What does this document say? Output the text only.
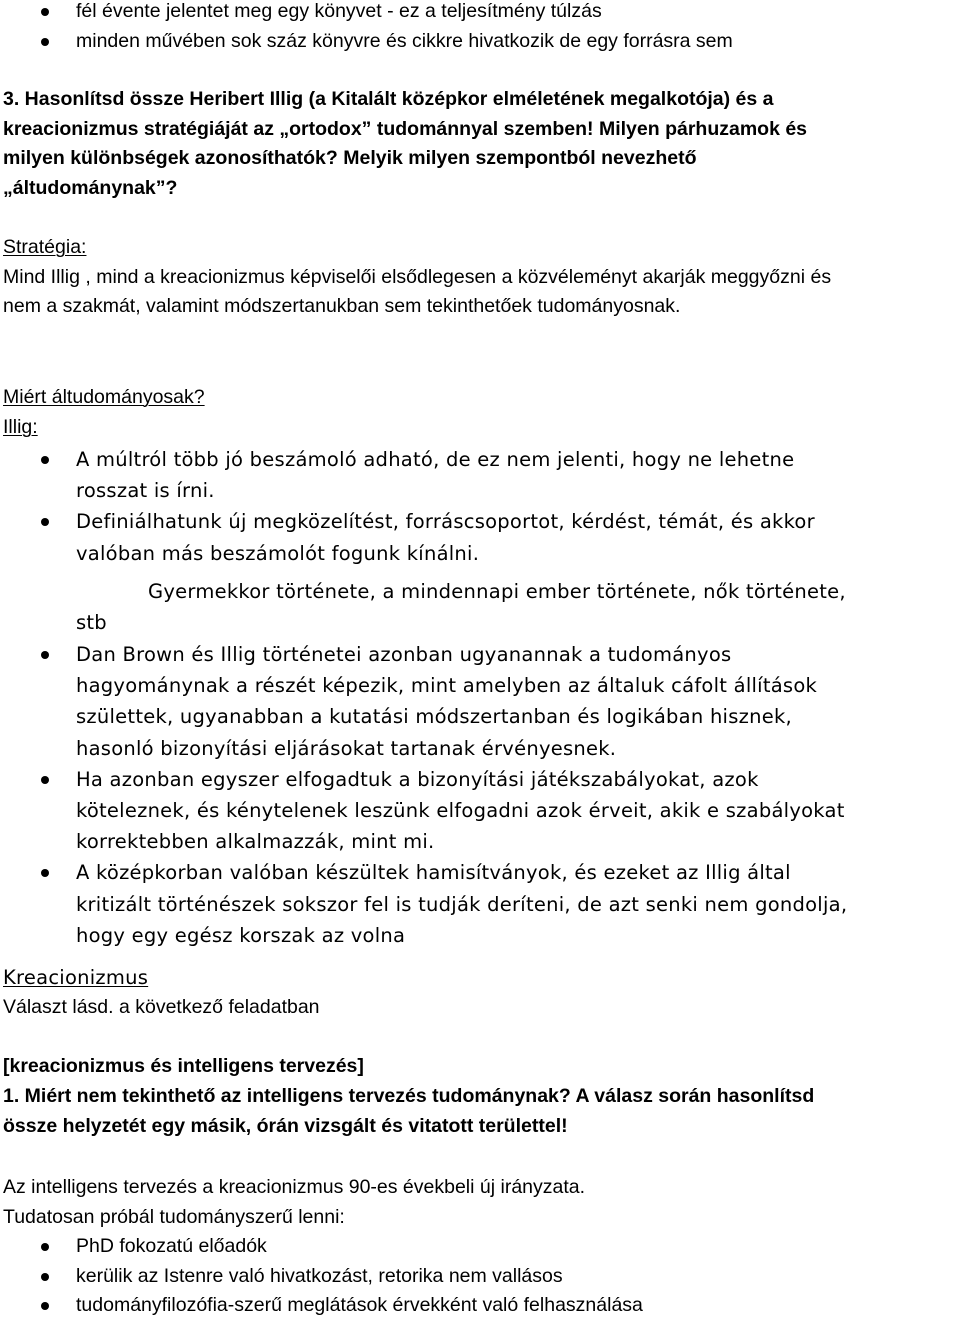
fél évente jelentet meg egy könyvet - ez a teljesítmény túlzás
minden művében sok száz könyvre és cikkre hivatkozik de egy forrásra sem
3. Hasonlítsd össze Heribert Illig (a Kitalált középkor elméletének megalkotója) és a
kreacionizmus stratégiáját az „ortodox” tudománnyal szemben! Milyen párhuzamok és
milyen különbségek azonosíthatók? Melyik milyen szempontból nevezhető
„áltudománynak”?
Stratégia:
Mind Illig , mind a kreacionizmus képviselői elsődlegesen a közvéleményt akarják meggyőzni és
nem a szakmát, valamint módszertanukban sem tekinthetőek tudományosnak.
Miért áltudományosak?
Illig:
A múltról több jó beszámoló adható, de ez nem jelenti, hogy ne lehetne
rosszat is írni.
Definiálhatunk új megközelítést, forráscsoportot, kérdést, témát, és akkor
valóban más beszámolót fogunk kínálni.
Gyermekkor története, a mindennapi ember története, nők története,
stb
Dan Brown és Illig történetei azonban ugyanannak a tudományos
hagyománynak a részét képezik, mint amelyben az általuk cáfolt állítások
születtek, ugyanabban a kutatási módszertanban és logikában hisznek,
hasonló bizonyítási eljárásokat tartanak érvényesnek.
Ha azonban egyszer elfogadtuk a bizonyítási játékszabályokat, azok
köteleznek, és kénytelenek leszünk elfogadni azok érveit, akik e szabályokat
korrektebben alkalmazzák, mint mi.
A középkorban valóban készültek hamisítványok, és ezeket az Illig által
kritizált történészek sokszor fel is tudják deríteni, de azt senki nem gondolja,
hogy egy egész korszak az volna
Kreacionizmus
Választ lásd. a következő feladatban
[kreacionizmus és intelligens tervezés]
1. Miért nem tekinthető az intelligens tervezés tudománynak? A válasz során hasonlítsd
össze helyzetét egy másik, órán vizsgált és vitatott területtel!
Az intelligens tervezés a kreacionizmus 90-es évekbeli új irányzata.
Tudatosan próbál tudományszerű lenni:
PhD fokozatú előadók
kerülik az Istenre való hivatkozást, retorika nem vallásos
tudományfilozófia-szerű meglátások érvekként való felhasználása
